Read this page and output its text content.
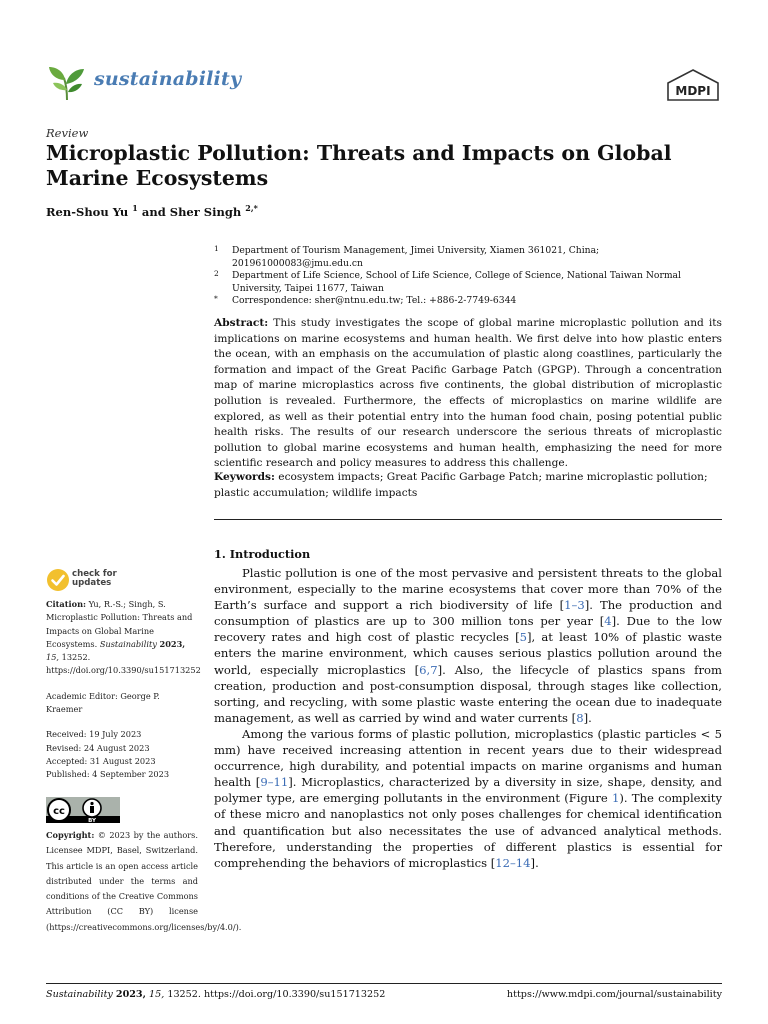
sustainability
MDPI
Review
Microplastic Pollution: Threats and Impacts on Global Marine Ecosystems
Ren-Shou Yu $^1$ and Sher Singh $^{2,*}$
1 Department of Tourism Management, Jimei University, Xiamen 361021, China; 201961000083@jmu.edu.cn
2 Department of Life Science, School of Life Science, College of Science, National Taiwan Normal University, Taipei 11677, Taiwan
* Correspondence: sher@ntnu.edu.tw; Tel.: +886-2-7749-6344
Abstract: This study investigates the scope of global marine microplastic pollution and its implications on marine ecosystems and human health. We first delve into how plastic enters the ocean, with an emphasis on the accumulation of plastic along coastlines, particularly the formation and impact of the Great Pacific Garbage Patch (GPGP). Through a concentration map of marine microplastics across five continents, the global distribution of microplastic pollution is revealed. Furthermore, the effects of microplastics on marine wildlife are explored, as well as their potential entry into the human food chain, posing potential public health risks. The results of our research underscore the serious threats of microplastic pollution to global marine ecosystems and human health, emphasizing the need for more scientific research and policy measures to address this challenge.
Keywords: ecosystem impacts; Great Pacific Garbage Patch; marine microplastic pollution; plastic accumulation; wildlife impacts
1. Introduction

Plastic pollution is one of the most pervasive and persistent threats to the global environment, especially to the marine ecosystems that cover more than 70% of the Earth’s surface and support a rich biodiversity of life [1–3]. The production and consumption of plastics are up to 300 million tons per year [4]. Due to the low recovery rates and high cost of plastic recycles [5], at least 10% of plastic waste enters the marine environment, which causes serious plastics pollution around the world, especially microplastics [6,7]. Also, the lifecycle of plastics spans from creation, production and post-consumption disposal, through stages like collection, sorting, and recycling, with some plastic waste entering the ocean due to inadequate management, as well as carried by wind and water currents [8].

Among the various forms of plastic pollution, microplastics (plastic particles < 5 mm) have received increasing attention in recent years due to their widespread occurrence, high durability, and potential impacts on marine organisms and human health [9–11]. Microplastics, characterized by a diversity in size, shape, density, and polymer type, are emerging pollutants in the environment (Figure 1). The complexity of these micro and nanoplastics not only poses challenges for chemical identification and quantification but also necessitates the use of advanced analytical methods. Therefore, understanding the properties of different plastics is essential for comprehending the behaviors of microplastics [12–14].

check for
updates
Citation: Yu, R.-S.; Singh, S. Microplastic Pollution: Threats and Impacts on Global Marine Ecosystems. Sustainability 2023, 15, 13252. https://doi.org/10.3390/su151713252
Academic Editor: George P. Kraemer
Received: 19 July 2023
Revised: 24 August 2023
Accepted: 31 August 2023
Published: 4 September 2023
cc
BY
Copyright: © 2023 by the authors. Licensee MDPI, Basel, Switzerland. This article is an open access article distributed under the terms and conditions of the Creative Commons Attribution (CC BY) license (https://creativecommons.org/licenses/by/4.0/).
Sustainability 2023, 15, 13252. https://doi.org/10.3390/su151713252	https://www.mdpi.com/journal/sustainability
